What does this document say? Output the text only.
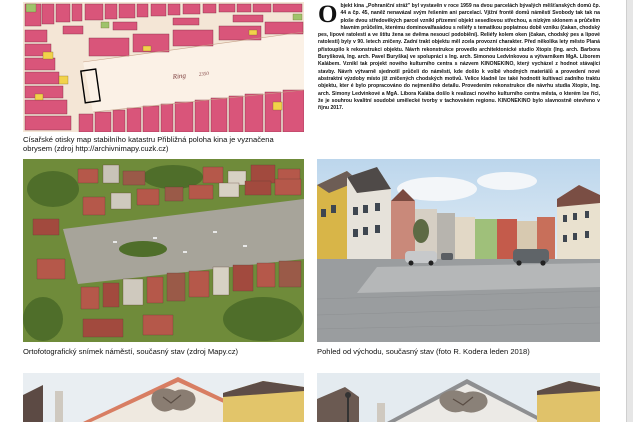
Ring 2350
Císařské otisky map stabilního katastru Přibližná poloha kina je vyznačena obrysem (zdroj http://archivnimapy.cuzk.cz)
O bjekt kina „Pohraniční stráž" byl vystavěn v roce 1959 na dvou parcelách bývalých měšťanských domů čp. 44 a čp. 45, naněž nenavázal svým řešením ani parcelací. Vjižní frontě domů náměstí Svobody tak tak na ploše dvou středověkých parcel vznikl přízemní objekt sesedlovou střechou, a nízkým sklonem a průčelím hlavním průčelím, kterému dominovalfasádou s reliéfy s tematikou poplatnou době vzniku (čakan, chodský pes, lipové ratolesti a ve štítu žena se dvěma nesoucí podobiění). Reliéfy kolem oken (čakan, chodský pes a lipové ratolesti) byly v 90. letech zničeny. Zadní trakt objektu měl zcela provozní charakter. Před několika lety město Planá přistoupilo k rekonstrukci objektu. Návrh rekonstrukce provedlo architektonické studio Xtopix (Ing. arch. Barbora Buryšková, Ing. arch. Pavel Buryška) ve spolupráci s Ing. arch. Simonou Ledvinkovou a výtvarníkem MgA. Liborem Kalábem. Vznikl tak projekt nového kulturního centra s názvem KINONEKINO, který vycházel z hodnot stávající stavby. Návrh výtvarně sjednotil průčelí do náměstí, kde došlo k volbě vhodných materiálů a provedení nové abstraktní výzdoby místo již zničených chodských motivů. Velice kladně lze také hodnotit kultivaci zadního traktu objektu, kter é bylo propracováno do nejmenšího detailu. Provedením rekonstrukce dle návrhu studia Xtopix, Ing. arch. Simony Ledvinkové a MgA. Libora Kalába došlo k realizaci nového kulturního centra města, o kterém lze říci, že je souhrou kvalitní soudobé umělecké tvorby v tachovském regionu. KINONEKINO bylo slavnostně otevřeno v říjnu 2017.
Ortofotografický snímek náměstí, současný stav (zdroj Mapy.cz)	Pohled od východu, současný stav (foto R. Kodera leden 2018)
